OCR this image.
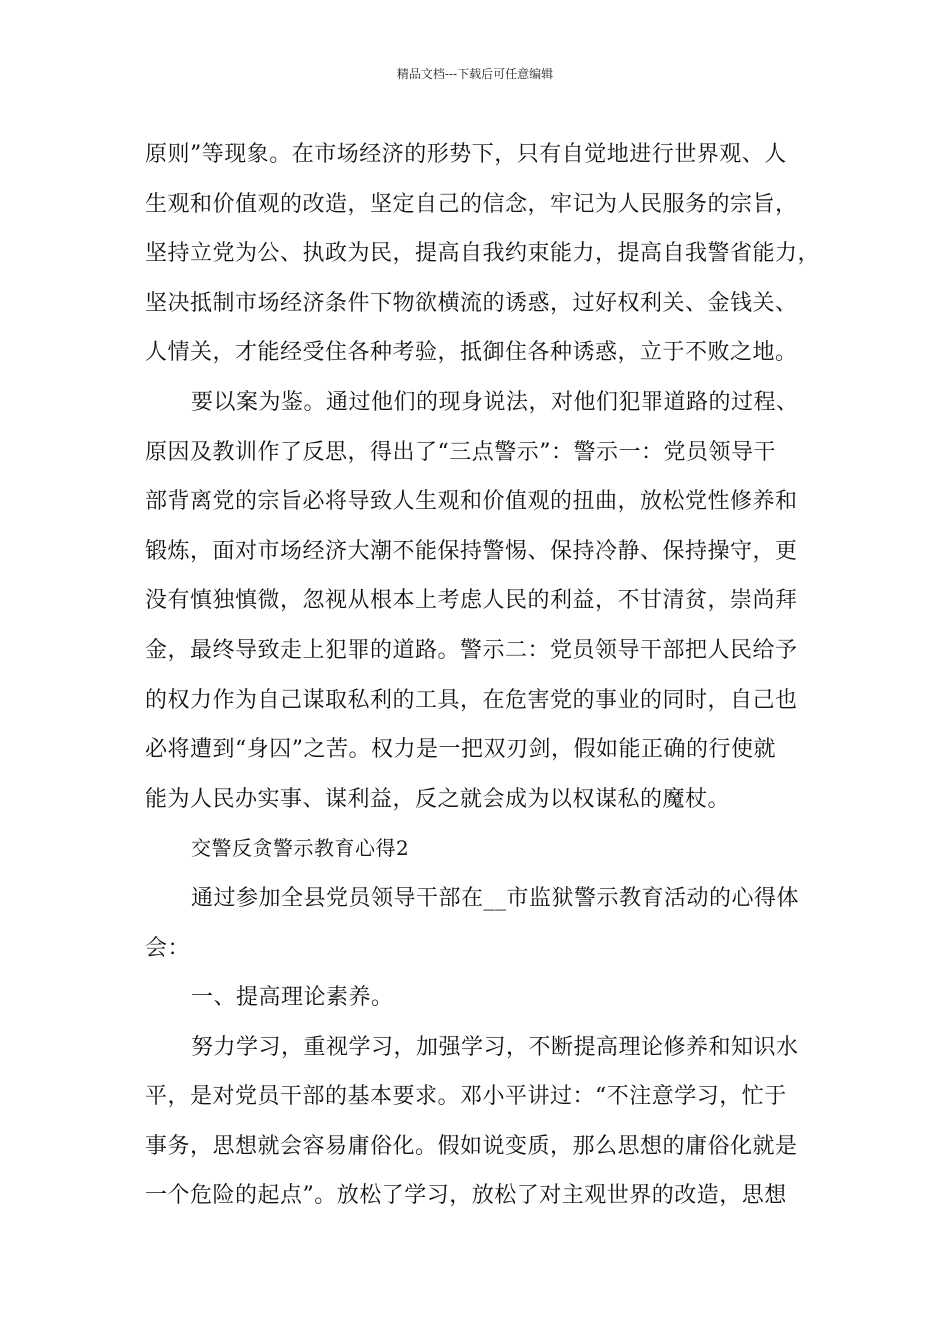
精品文档---下载后可任意编辑
原则”等现象。在市场经济的形势下，只有自觉地进行世界观、人
生观和价值观的改造，坚定自己的信念，牢记为人民服务的宗旨，
坚持立党为公、执政为民，提高自我约束能力，提高自我警省能力，
坚决抵制市场经济条件下物欲横流的诱惑，过好权利关、金钱关、
人情关，才能经受住各种考验，抵御住各种诱惑，立于不败之地。
要以案为鉴。通过他们的现身说法，对他们犯罪道路的过程、
原因及教训作了反思，得出了“三点警示”：警示一：党员领导干
部背离党的宗旨必将导致人生观和价值观的扭曲，放松党性修养和
锻炼，面对市场经济大潮不能保持警惕、保持冷静、保持操守，更
没有慎独慎微，忽视从根本上考虑人民的利益，不甘清贫，崇尚拜
金，最终导致走上犯罪的道路。警示二：党员领导干部把人民给予
的权力作为自己谋取私利的工具，在危害党的事业的同时，自己也
必将遭到“身囚”之苦。权力是一把双刃剑，假如能正确的行使就
能为人民办实事、谋利益，反之就会成为以权谋私的魔杖。
交警反贪警示教育心得2
通过参加全县党员领导干部在__市监狱警示教育活动的心得体
会：
一、提高理论素养。
努力学习，重视学习，加强学习，不断提高理论修养和知识水
平，是对党员干部的基本要求。邓小平讲过：“不注意学习，忙于
事务，思想就会容易庸俗化。假如说变质，那么思想的庸俗化就是
一个危险的起点”。放松了学习，放松了对主观世界的改造，思想
